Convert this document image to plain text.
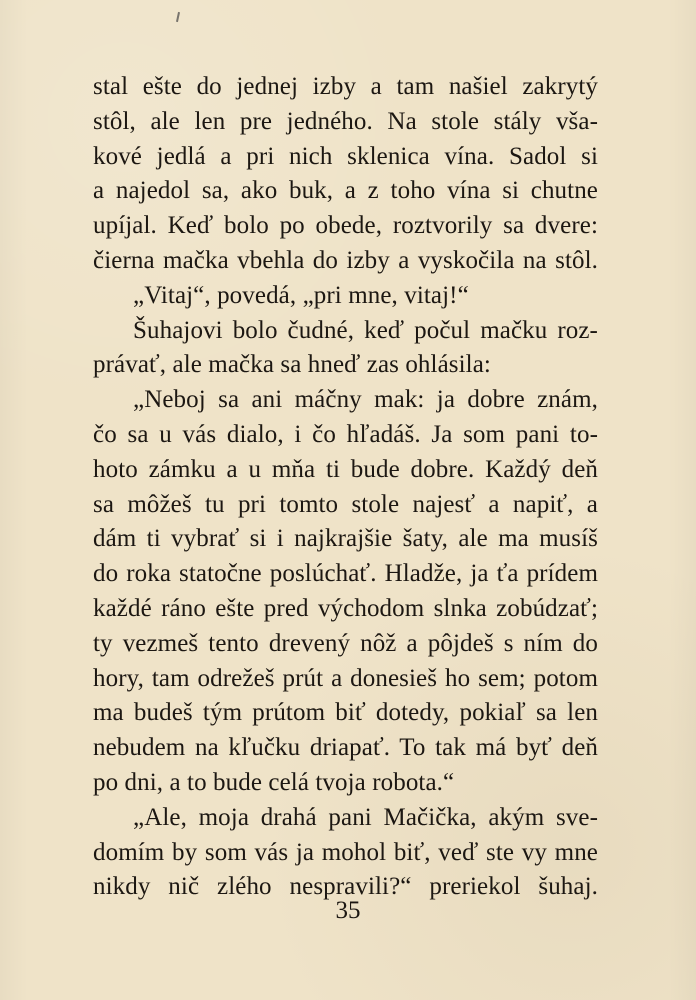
stal ešte do jednej izby a tam našiel zakrytý
stôl, ale len pre jedného. Na stole stály vša-
kové jedlá a pri nich sklenica vína. Sadol si
a najedol sa, ako buk, a z toho vína si chutne
upíjal. Keď bolo po obede, roztvorily sa dvere:
čierna mačka vbehla do izby a vyskočila na stôl.
„Vitaj“, povedá, „pri mne, vitaj!“
Šuhajovi bolo čudné, keď počul mačku roz-
právať, ale mačka sa hneď zas ohlásila:
„Neboj sa ani máčny mak: ja dobre znám,
čo sa u vás dialo, i čo hľadáš. Ja som pani to-
hoto zámku a u mňa ti bude dobre. Každý deň
sa môžeš tu pri tomto stole najesť a napiť, a
dám ti vybrať si i najkrajšie šaty, ale ma musíš
do roka statočne poslúchať. Hladže, ja ťa prídem
každé ráno ešte pred východom slnka zobúdzať;
ty vezmeš tento drevený nôž a pôjdeš s ním do
hory, tam odrežeš prút a donesieš ho sem; potom
ma budeš tým prútom biť dotedy, pokiaľ sa len
nebudem na kľučku driapať. To tak má byť deň
po dni, a to bude celá tvoja robota.“
„Ale, moja drahá pani Mačička, akým sve-
domím by som vás ja mohol biť, veď ste vy mne
nikdy nič zlého nespravili?“ preriekol šuhaj.
35
